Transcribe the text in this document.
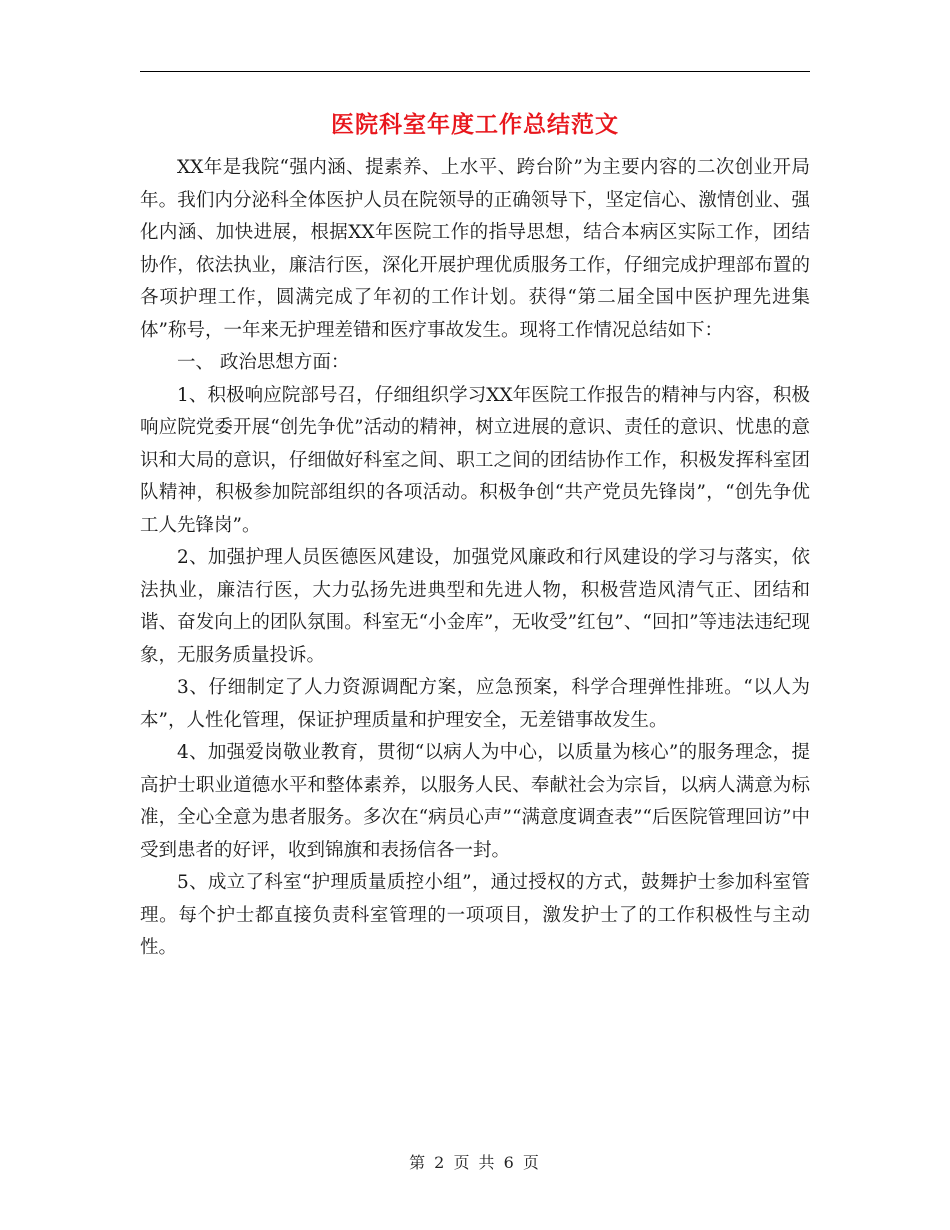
医院科室年度工作总结范文

XX年是我院“强内涵、提素养、上水平、跨台阶”为主要内容的二次创业开局年。我们内分泌科全体医护人员在院领导的正确领导下，坚定信心、激情创业、强化内涵、加快进展，根据XX年医院工作的指导思想，结合本病区实际工作，团结协作，依法执业，廉洁行医，深化开展护理优质服务工作，仔细完成护理部布置的各项护理工作，圆满完成了年初的工作计划。获得“第二届全国中医护理先进集体”称号，一年来无护理差错和医疗事故发生。现将工作情况总结如下：

一、 政治思想方面：

1、积极响应院部号召，仔细组织学习XX年医院工作报告的精神与内容，积极响应院党委开展“创先争优”活动的精神，树立进展的意识、责任的意识、忧患的意识和大局的意识，仔细做好科室之间、职工之间的团结协作工作，积极发挥科室团队精神，积极参加院部组织的各项活动。积极争创“共产党员先锋岗”，“创先争优工人先锋岗”。

2、加强护理人员医德医风建设，加强党风廉政和行风建设的学习与落实，依法执业，廉洁行医，大力弘扬先进典型和先进人物，积极营造风清气正、团结和谐、奋发向上的团队氛围。科室无“小金库”，无收受”红包”、“回扣”等违法违纪现象，无服务质量投诉。

3、仔细制定了人力资源调配方案，应急预案，科学合理弹性排班。“以人为本”，人性化管理，保证护理质量和护理安全，无差错事故发生。

4、加强爱岗敬业教育，贯彻“以病人为中心，以质量为核心”的服务理念，提高护士职业道德水平和整体素养，以服务人民、奉献社会为宗旨，以病人满意为标准，全心全意为患者服务。多次在“病员心声”“满意度调查表”“后医院管理回访”中受到患者的好评，收到锦旗和表扬信各一封。

5、成立了科室“护理质量质控小组”，通过授权的方式，鼓舞护士参加科室管理。每个护士都直接负责科室管理的一项项目，激发护士了的工作积极性与主动性。

第 2 页 共 6 页
